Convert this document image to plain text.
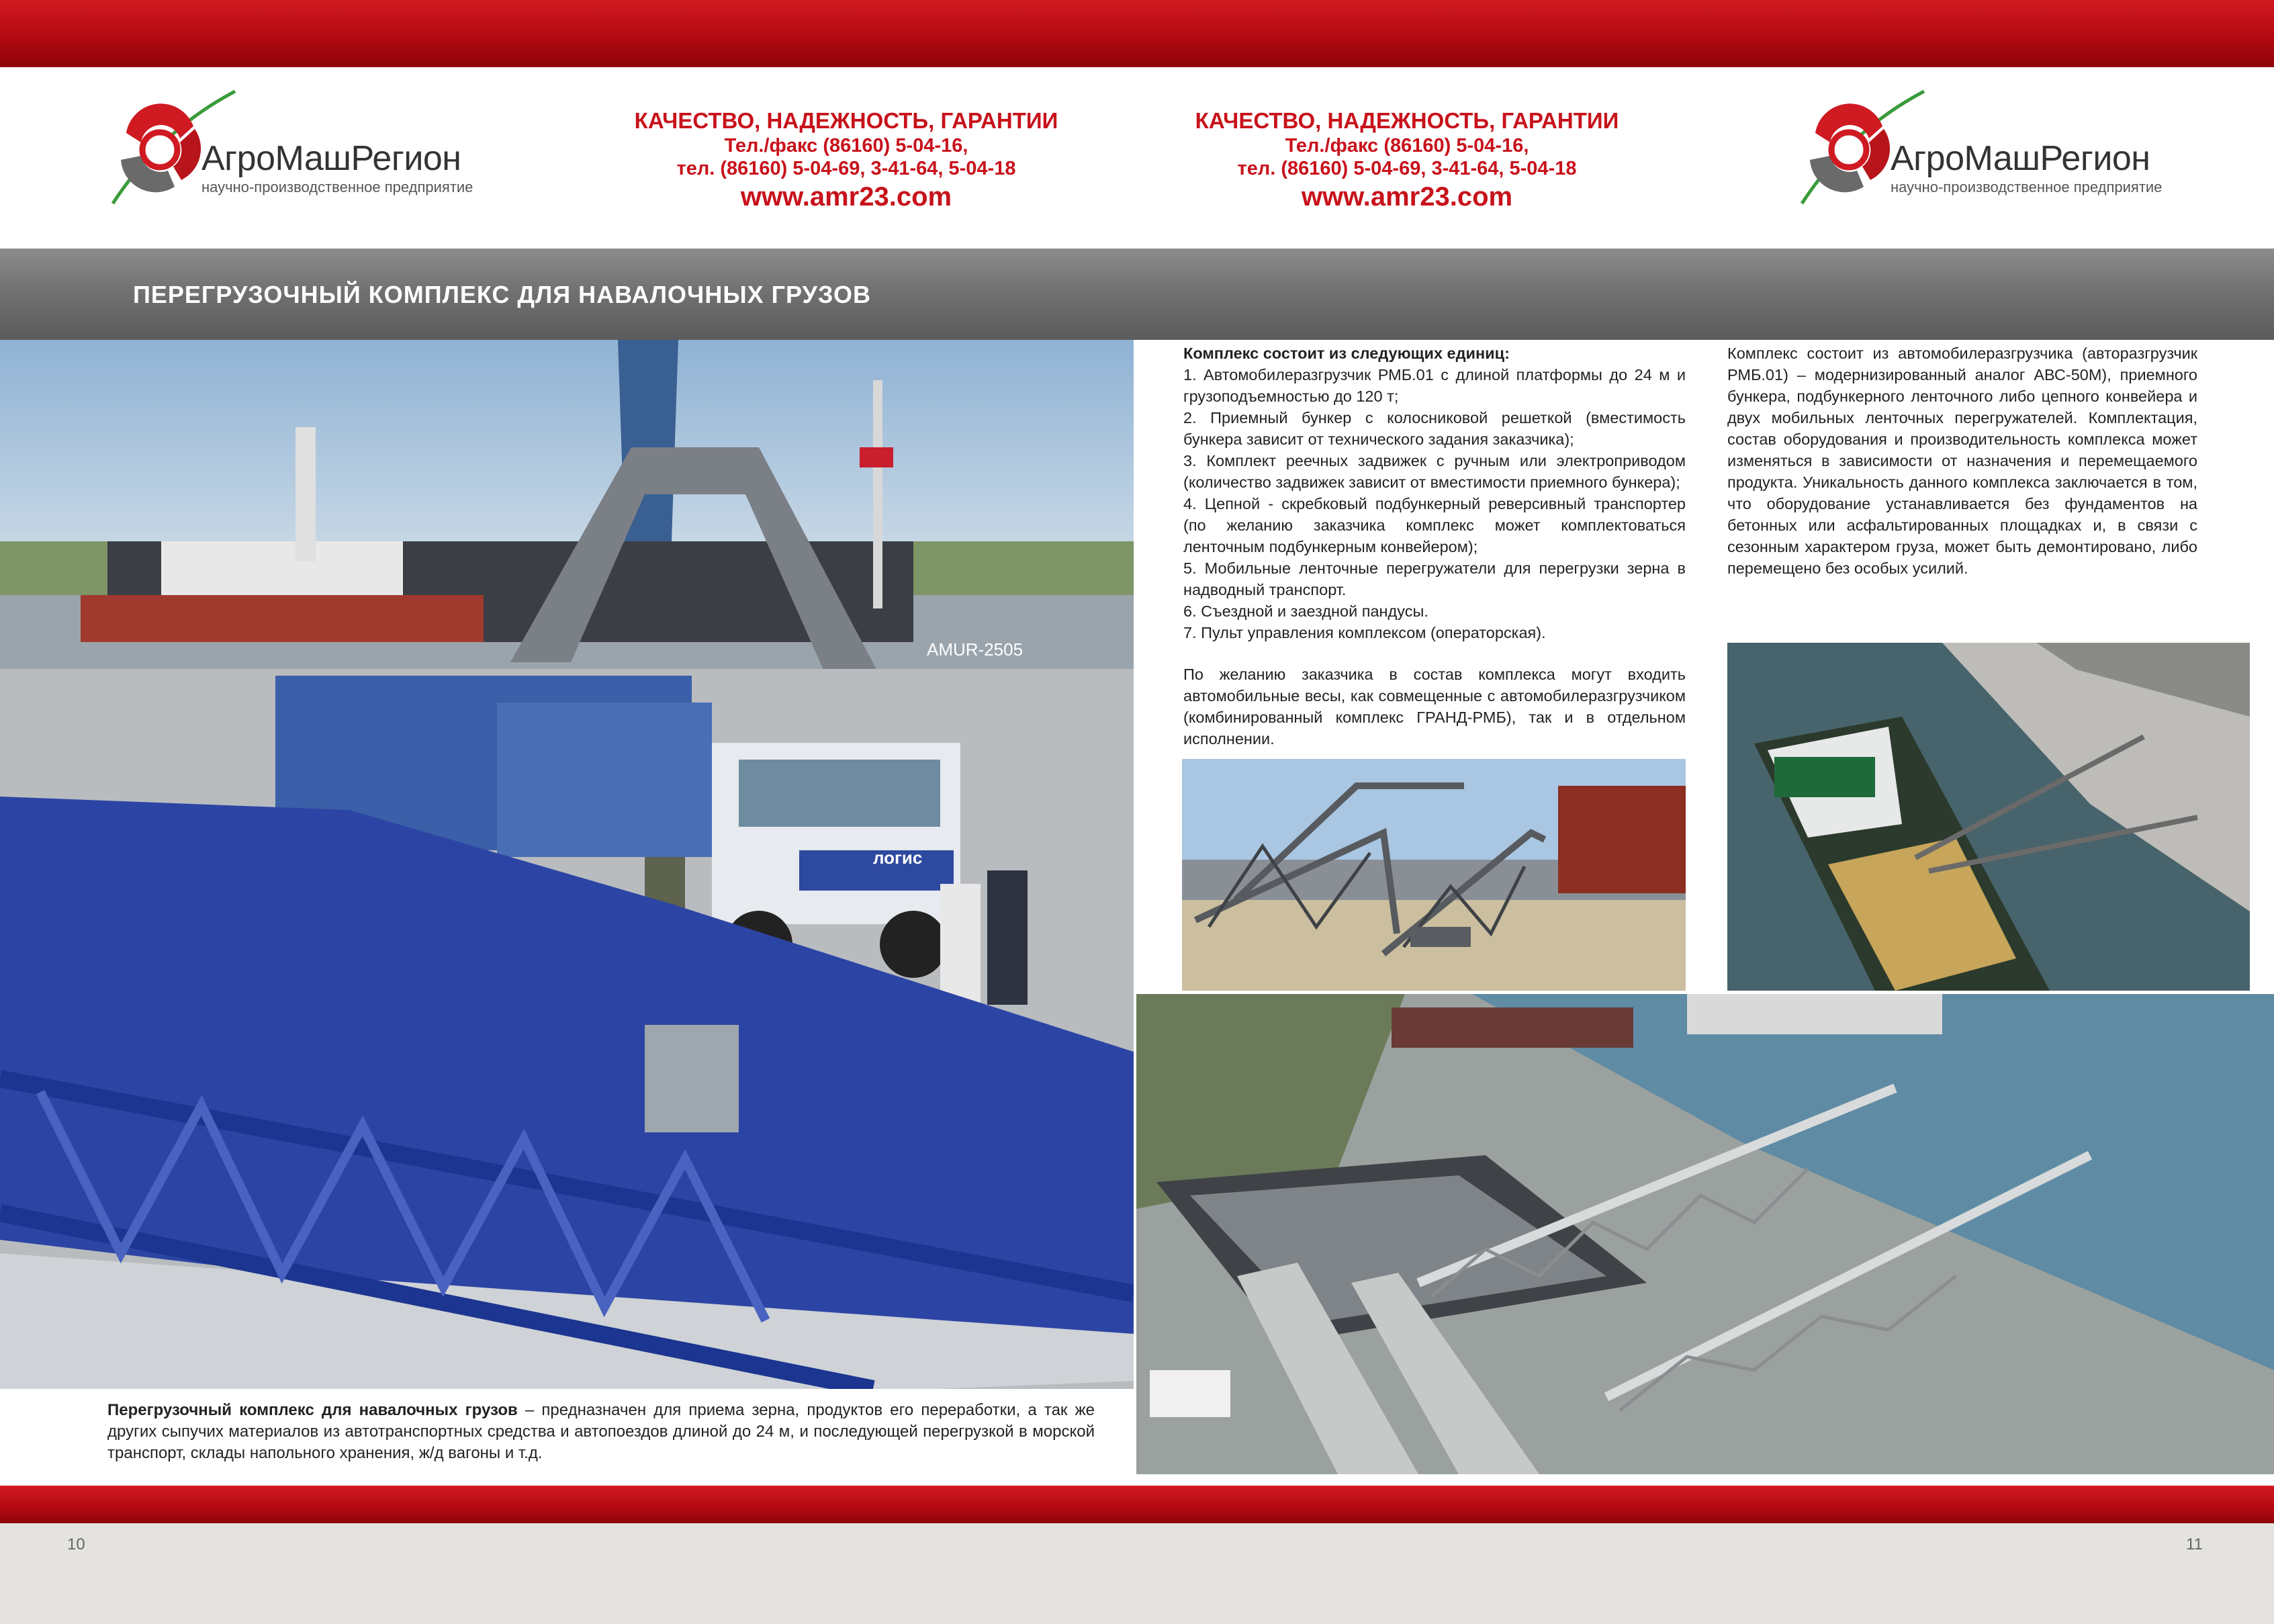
АгроМашРегион
научно-производственное предприятие
КАЧЕСТВО, НАДЕЖНОСТЬ, ГАРАНТИИ
Тел./факс (86160) 5-04-16,
тел. (86160) 5-04-69, 3-41-64, 5-04-18
www.amr23.com
КАЧЕСТВО, НАДЕЖНОСТЬ, ГАРАНТИИ
Тел./факс (86160) 5-04-16,
тел. (86160) 5-04-69, 3-41-64, 5-04-18
www.amr23.com
АгроМашРегион
научно-производственное предприятие
ПЕРЕГРУЗОЧНЫЙ КОМПЛЕКС ДЛЯ НАВАЛОЧНЫХ ГРУЗОВ
АМUR-2505
логис
Комплекс состоит из следующих единиц:
1. Автомобилеразгрузчик РМБ.01 с длиной платформы до 24 м и грузоподъемностью до 120 т;
2. Приемный бункер с колосниковой решеткой (вместимость бункера зависит от технического задания заказчика);
3. Комплект реечных задвижек с ручным или электроприводом (количество задвижек зависит от вместимости приемного бункера);
4. Цепной - скребковый подбункерный реверсивный транспортер (по желанию заказчика комплекс может комплектоваться ленточным подбункерным конвейером);
5. Мобильные ленточные перегружатели для перегрузки зерна в надводный транспорт.
6. Съездной и заездной пандусы.
7. Пульт управления комплексом (операторская).
По желанию заказчика в состав комплекса могут входить автомобильные весы, как совмещенные с автомобилеразгрузчиком (комбинированный комплекс ГРАНД-РМБ), так и в отдельном исполнении.
Комплекс состоит из автомобилеразгрузчика (авторазгрузчик РМБ.01) – модернизированный аналог АВС-50М), приемного бункера, подбункерного ленточного либо цепного конвейера и двух мобильных ленточных перегружателей. Комплектация, состав оборудования и производительность комплекса может изменяться в зависимости от назначения и перемещаемого продукта. Уникальность данного комплекса заключается в том, что оборудование устанавливается без фундаментов на бетонных или асфальтированных площадках и, в связи с сезонным характером груза, может быть демонтировано, либо перемещено без особых усилий.
Перегрузочный комплекс для навалочных грузов – предназначен для приема зерна, продуктов его переработки, а так же других сыпучих материалов из автотранспортных средства и автопоездов длиной до 24 м, и последующей перегрузкой в морской транспорт, склады напольного хранения, ж/д вагоны и т.д.
10	11
